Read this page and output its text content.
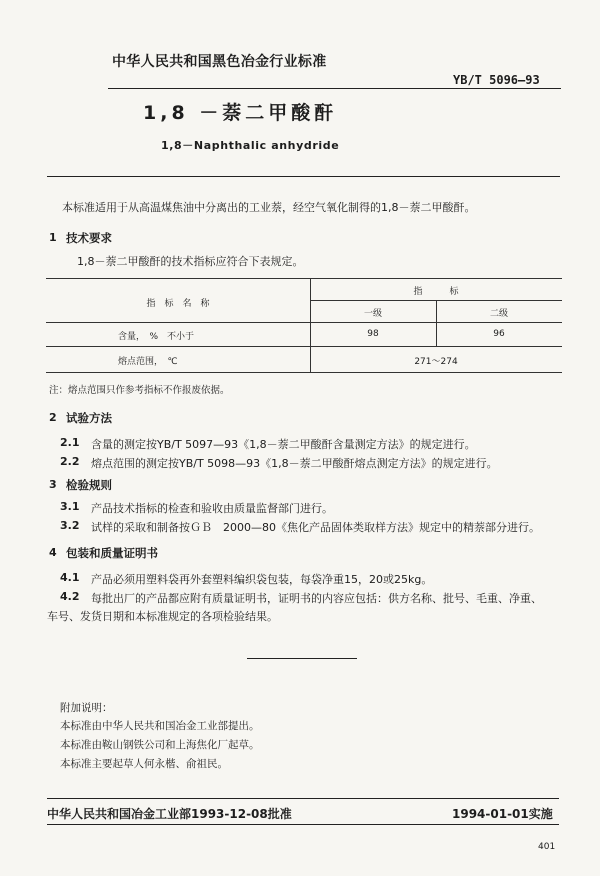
中华人民共和国黑色冶金行业标准
YB/T 5096—93
1,8 －萘二甲酸酐
1,8－Naphthalic anhydride
本标准适用于从高温煤焦油中分离出的工业萘，经空气氧化制得的1,8－萘二甲酸酐。
1 技术要求
1,8－萘二甲酸酐的技术指标应符合下表规定。
指　标　名　称
指　　　标
一级	二级
含量，　%　不小于	98	96
熔点范围，　℃	271～274
注：熔点范围只作参考指标不作报废依据。
2 试验方法
2.1 含量的测定按YB/T 5097—93《1,8－萘二甲酸酐含量测定方法》的规定进行。
2.2 熔点范围的测定按YB/T 5098—93《1,8－萘二甲酸酐熔点测定方法》的规定进行。
3 检验规则
3.1 产品技术指标的检查和验收由质量监督部门进行。
3.2 试样的采取和制备按ＧＢ　2000—80《焦化产品固体类取样方法》规定中的精萘部分进行。
4 包装和质量证明书
4.1 产品必须用塑料袋再外套塑料编织袋包装，每袋净重15，20或25kg。
4.2 每批出厂的产品都应附有质量证明书，证明书的内容应包括：供方名称、批号、毛重、净重、
车号、发货日期和本标准规定的各项检验结果。
附加说明：
本标准由中华人民共和国冶金工业部提出。
本标准由鞍山钢铁公司和上海焦化厂起草。
本标准主要起草人何永楷、俞祖民。
中华人民共和国冶金工业部1993-12-08批准	1994-01-01实施
401
